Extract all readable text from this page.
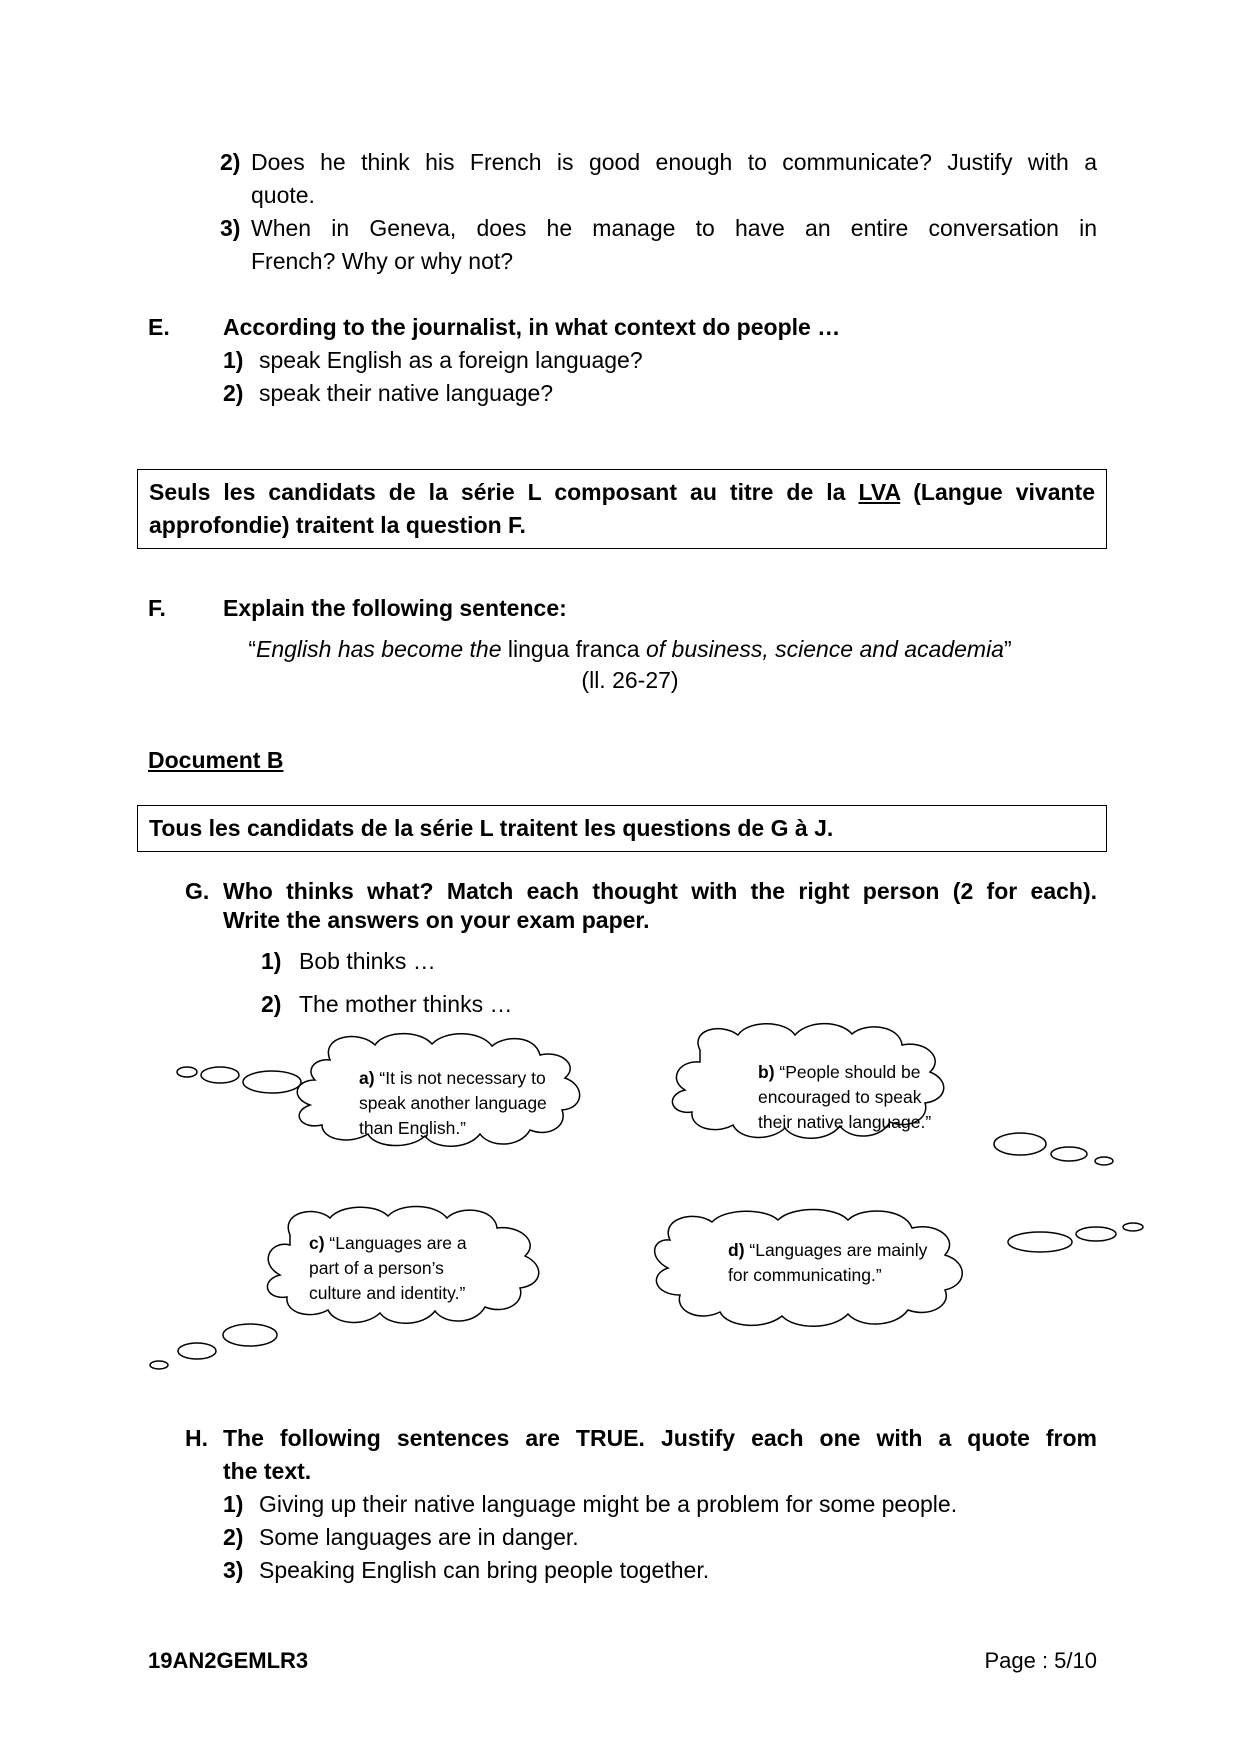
2) Does he think his French is good enough to communicate? Justify with a
quote.
3) When in Geneva, does he manage to have an entire conversation in
French? Why or why not?
E. According to the journalist, in what context do people …
1) speak English as a foreign language?
2) speak their native language?
Seuls les candidats de la série L composant au titre de la LVA (Langue vivante
approfondie) traitent la question F.
F. Explain the following sentence:
“English has become the lingua franca of business, science and academia”
(ll. 26-27)
Document B
Tous les candidats de la série L traitent les questions de G à J.
G. Who thinks what? Match each thought with the right person (2 for each).
Write the answers on your exam paper.
1) Bob thinks …
2) The mother thinks …
a) “It is not necessary to
speak another language
than English.”
b) “People should be
encouraged to speak
their native language.”
c) “Languages are a
part of a person’s
culture and identity.”
d) “Languages are mainly
for communicating.”
H. The following sentences are TRUE. Justify each one with a quote from
the text.
1) Giving up their native language might be a problem for some people.
2) Some languages are in danger.
3) Speaking English can bring people together.
19AN2GEMLR3	Page : 5/10
